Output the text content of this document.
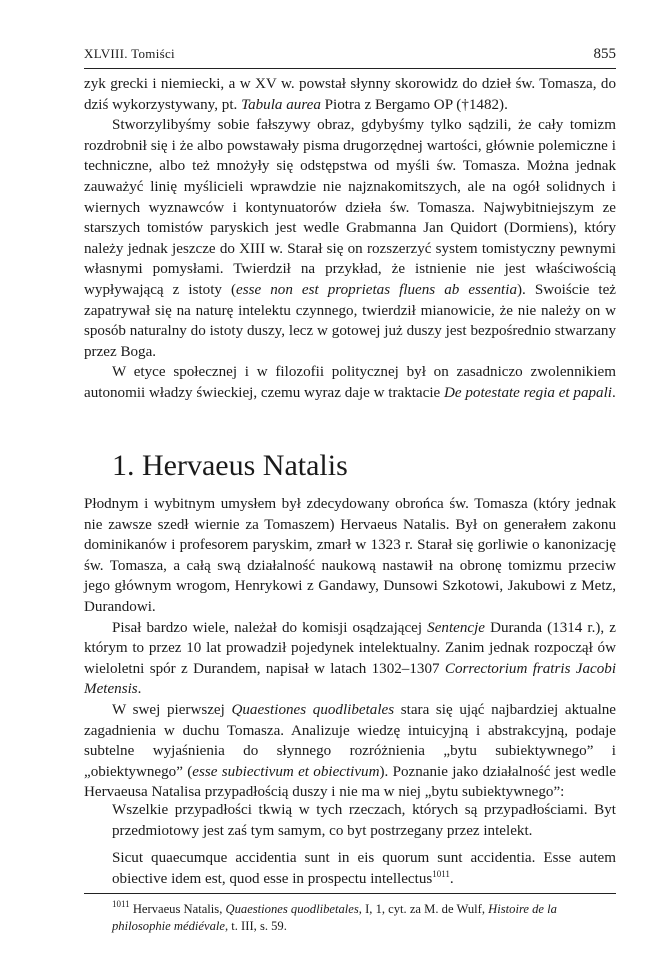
XLVIII. Tomiści	855

zyk grecki i niemiecki, a w XV w. powstał słynny skorowidz do dzieł św. Tomasza, do dziś wykorzystywany, pt. Tabula aurea Piotra z Bergamo OP (†1482).

Stworzylibyśmy sobie fałszywy obraz, gdybyśmy tylko sądzili, że cały tomizm rozdrobnił się i że albo powstawały pisma drugorzędnej wartości, głównie polemiczne i techniczne, albo też mnożyły się odstępstwa od myśli św. Tomasza. Można jednak zauważyć linię myślicieli wprawdzie nie najznakomitszych, ale na ogół solidnych i wiernych wyznawców i kontynuatorów dzieła św. Tomasza. Najwybitniejszym ze starszych tomistów paryskich jest wedle Grabmanna Jan Quidort (Dormiens), który należy jednak jeszcze do XIII w. Starał się on rozszerzyć system tomistyczny pewnymi własnymi pomysłami. Twierdził na przykład, że istnienie nie jest właściwością wypływającą z istoty (esse non est proprietas fluens ab essentia). Swoiście też zapatrywał się na naturę intelektu czynnego, twierdził mianowicie, że nie należy on w sposób naturalny do istoty duszy, lecz w gotowej już duszy jest bezpośrednio stwarzany przez Boga.

W etyce społecznej i w filozofii politycznej był on zasadniczo zwolennikiem autonomii władzy świeckiej, czemu wyraz daje w traktacie De potestate regia et papali.

1. Hervaeus Natalis

Płodnym i wybitnym umysłem był zdecydowany obrońca św. Tomasza (który jednak nie zawsze szedł wiernie za Tomaszem) Hervaeus Natalis. Był on generałem zakonu dominikanów i profesorem paryskim, zmarł w 1323 r. Starał się gorliwie o kanonizację św. Tomasza, a całą swą działalność naukową nastawił na obronę tomizmu przeciw jego głównym wrogom, Henrykowi z Gandawy, Dunsowi Szkotowi, Jakubowi z Metz, Durandowi.

Pisał bardzo wiele, należał do komisji osądzającej Sentencje Duranda (1314 r.), z którym to przez 10 lat prowadził pojedynek intelektualny. Zanim jednak rozpoczął ów wieloletni spór z Durandem, napisał w latach 1302–1307 Correctorium fratris Jacobi Metensis.

W swej pierwszej Quaestiones quodlibetales stara się ująć najbardziej aktualne zagadnienia w duchu Tomasza. Analizuje wiedzę intuicyjną i abstrakcyjną, podaje subtelne wyjaśnienia do słynnego rozróżnienia „bytu subiektywnego” i „obiektywnego” (esse subiectivum et obiectivum). Poznanie jako działalność jest wedle Hervaeusa Natalisa przypadłością duszy i nie ma w niej „bytu subiektywnego”:

Wszelkie przypadłości tkwią w tych rzeczach, których są przypadłościami. Byt przedmiotowy jest zaś tym samym, co byt postrzegany przez intelekt.

Sicut quaecumque accidentia sunt in eis quorum sunt accidentia. Esse autem obiective idem est, quod esse in prospectu intellectus$^{1011}$.

$^{1011}$ Hervaeus Natalis, Quaestiones quodlibetales, I, 1, cyt. za M. de Wulf, Histoire de la philosophie médiévale, t. III, s. 59.
